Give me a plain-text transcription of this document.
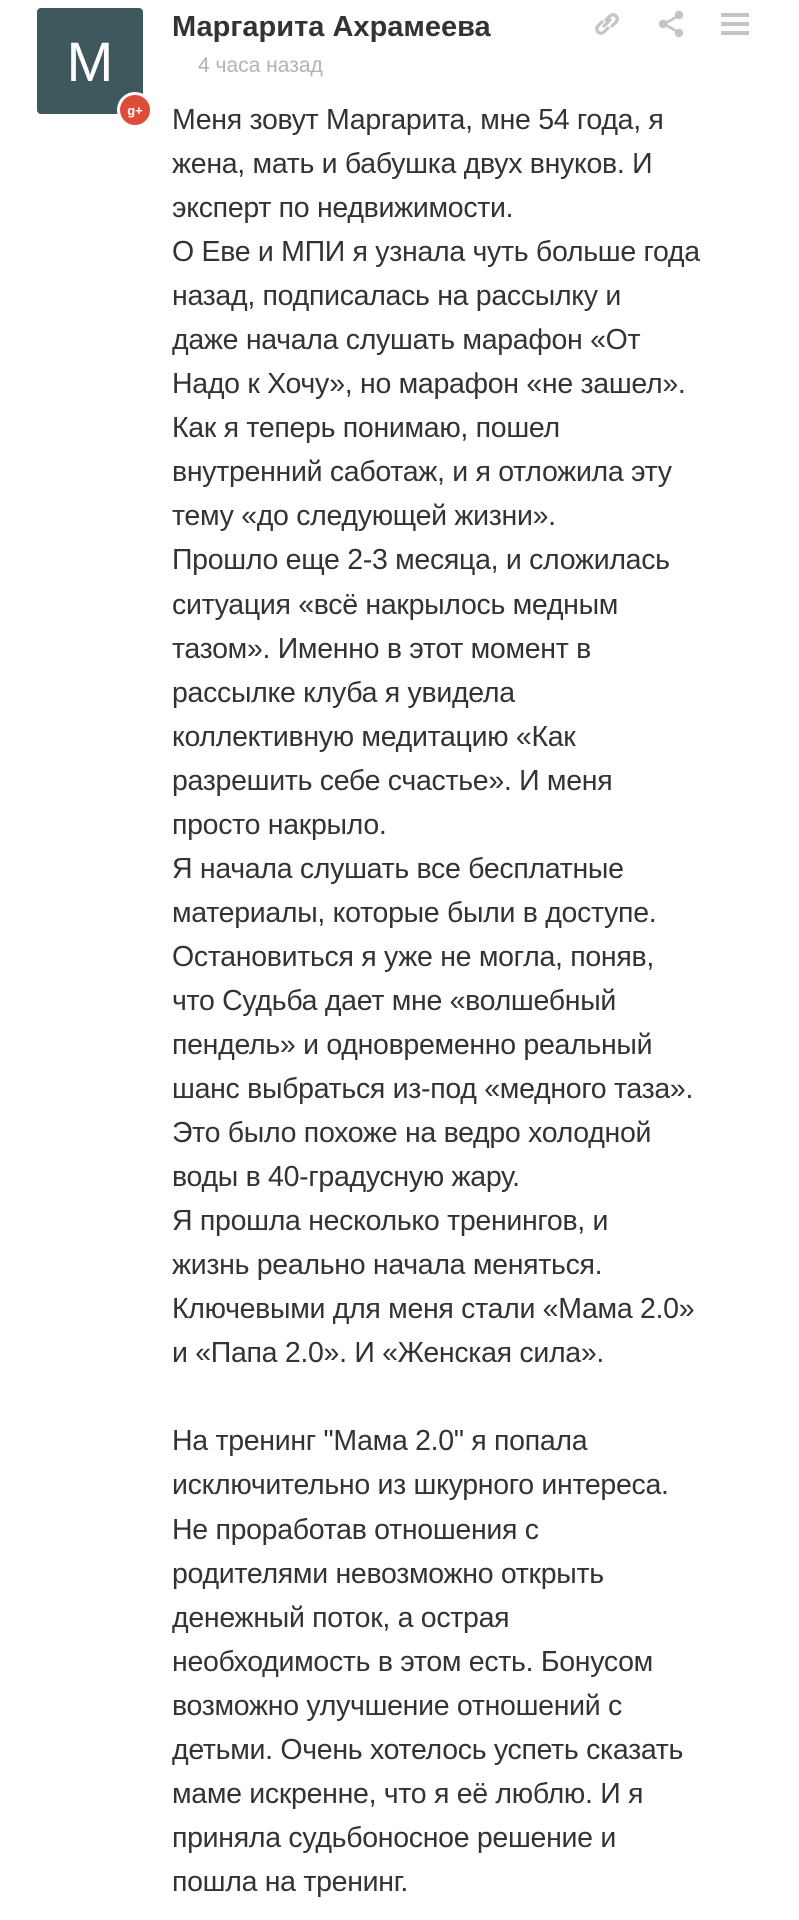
M
g+
Маргарита Ахрамеева
4 часа назад
Меня зовут Маргарита, мне 54 года, я
жена, мать и бабушка двух внуков. И
эксперт по недвижимости.
О Еве и МПИ я узнала чуть больше года
назад, подписалась на рассылку и
даже начала слушать марафон «От
Надо к Хочу», но марафон «не зашел».
Как я теперь понимаю, пошел
внутренний саботаж, и я отложила эту
тему «до следующей жизни».
Прошло еще 2-3 месяца, и сложилась
ситуация «всё накрылось медным
тазом». Именно в этот момент в
рассылке клуба я увидела
коллективную медитацию «Как
разрешить себе счастье». И меня
просто накрыло.
Я начала слушать все бесплатные
материалы, которые были в доступе.
Остановиться я уже не могла, поняв,
что Судьба дает мне «волшебный
пендель» и одновременно реальный
шанс выбраться из-под «медного таза».
Это было похоже на ведро холодной
воды в 40-градусную жару.
Я прошла несколько тренингов, и
жизнь реально начала меняться.
Ключевыми для меня стали «Мама 2.0»
и «Папа 2.0». И «Женская сила».
На тренинг "Мама 2.0" я попала
исключительно из шкурного интереса.
Не проработав отношения с
родителями невозможно открыть
денежный поток, а острая
необходимость в этом есть. Бонусом
возможно улучшение отношений с
детьми. Очень хотелось успеть сказать
маме искренне, что я её люблю. И я
приняла судьбоносное решение и
пошла на тренинг.
